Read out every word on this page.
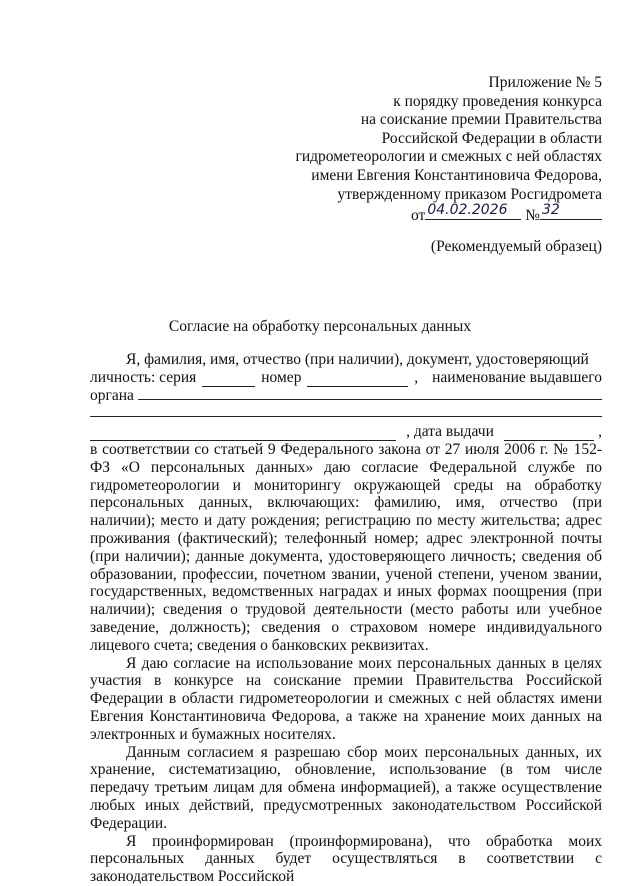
Приложение № 5
к порядку проведения конкурса
на соискание премии Правительства
Российской Федерации в области
гидрометеорологии и смежных с ней областях
имени Евгения Константиновича Федорова,
утвержденному приказом Росгидромета
от 04.02.2026 № 32
(Рекомендуемый образец)
Согласие на обработку персональных данных

Я, фамилия, имя, отчество (при наличии), документ, удостоверяющий

личность: серия	номер	, наименование выдавшего
органа
, дата выдачи	,

в соответствии со статьей 9 Федерального закона от 27 июля 2006 г. № 152-ФЗ «О персональных данных» даю согласие Федеральной службе по гидрометеорологии и мониторингу окружающей среды на обработку персональных данных, включающих: фамилию, имя, отчество (при наличии); место и дату рождения; регистрацию по месту жительства; адрес проживания (фактический); телефонный номер; адрес электронной почты (при наличии); данные документа, удостоверяющего личность; сведения об образовании, профессии, почетном звании, ученой степени, ученом звании, государственных, ведомственных наградах и иных формах поощрения (при наличии); сведения о трудовой деятельности (место работы или учебное заведение, должность); сведения о страховом номере индивидуального лицевого счета; сведения о банковских реквизитах.

Я даю согласие на использование моих персональных данных в целях участия в конкурсе на соискание премии Правительства Российской Федерации в области гидрометеорологии и смежных с ней областях имени Евгения Константиновича Федорова, а также на хранение моих данных на электронных и бумажных носителях.

Данным согласием я разрешаю сбор моих персональных данных, их хранение, систематизацию, обновление, использование (в том числе передачу третьим лицам для обмена информацией), а также осуществление любых иных действий, предусмотренных законодательством Российской Федерации.

Я проинформирован (проинформирована), что обработка моих персональных данных будет осуществляться в соответствии с законодательством Российской
